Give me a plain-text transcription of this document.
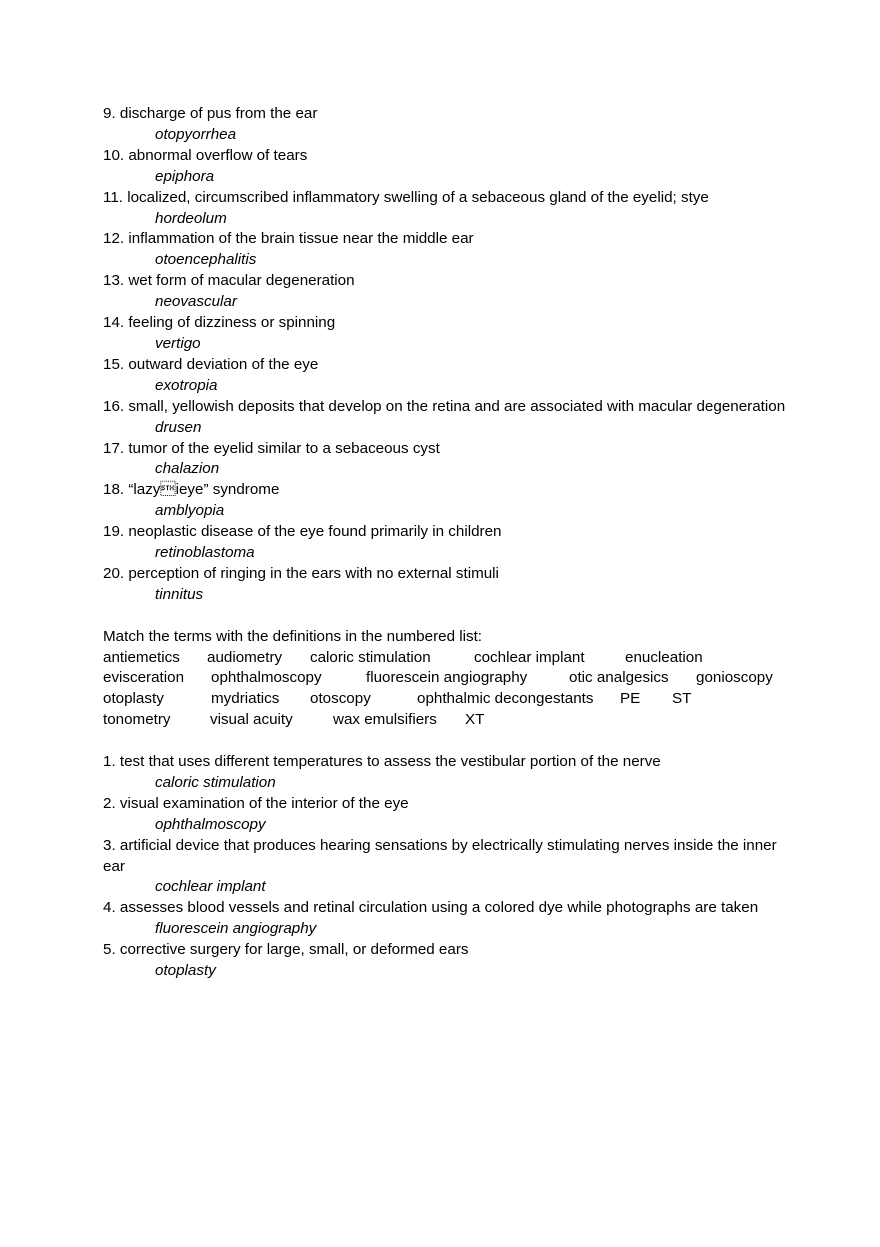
9. discharge of pus from the ear
otopyorrhea
10. abnormal overflow of tears
epiphora
11. localized, circumscribed inflammatory swelling of a sebaceous gland of the eyelid; stye
hordeolum
12. inflammation of the brain tissue near the middle ear
otoencephalitis
13. wet form of macular degeneration
neovascular
14. feeling of dizziness or spinning
vertigo
15. outward deviation of the eye
exotropia
16. small, yellowish deposits that develop on the retina and are associated with macular degeneration
drusen
17. tumor of the eyelid similar to a sebaceous cyst
chalazion
18. “lazyieye” syndrome
amblyopia
19. neoplastic disease of the eye found primarily in children
retinoblastoma
20. perception of ringing in the ears with no external stimuli
tinnitus
Match the terms with the definitions in the numbered list:
antiemetics audiometry caloric stimulation	cochlear implant	enucleation
evisceration ophthalmoscopy	fluorescein angiography	otic analgesics gonioscopy
otoplasty	mydriatics otoscopy	ophthalmic decongestants PE ST
tonometry	visual acuity	wax emulsifiers XT
1. test that uses different temperatures to assess the vestibular portion of the nerve
caloric stimulation
2. visual examination of the interior of the eye
ophthalmoscopy
3. artificial device that produces hearing sensations by electrically stimulating nerves inside the inner ear
cochlear implant
4. assesses blood vessels and retinal circulation using a colored dye while photographs are taken
ﬂuorescein angiography
5. corrective surgery for large, small, or deformed ears
otoplasty
